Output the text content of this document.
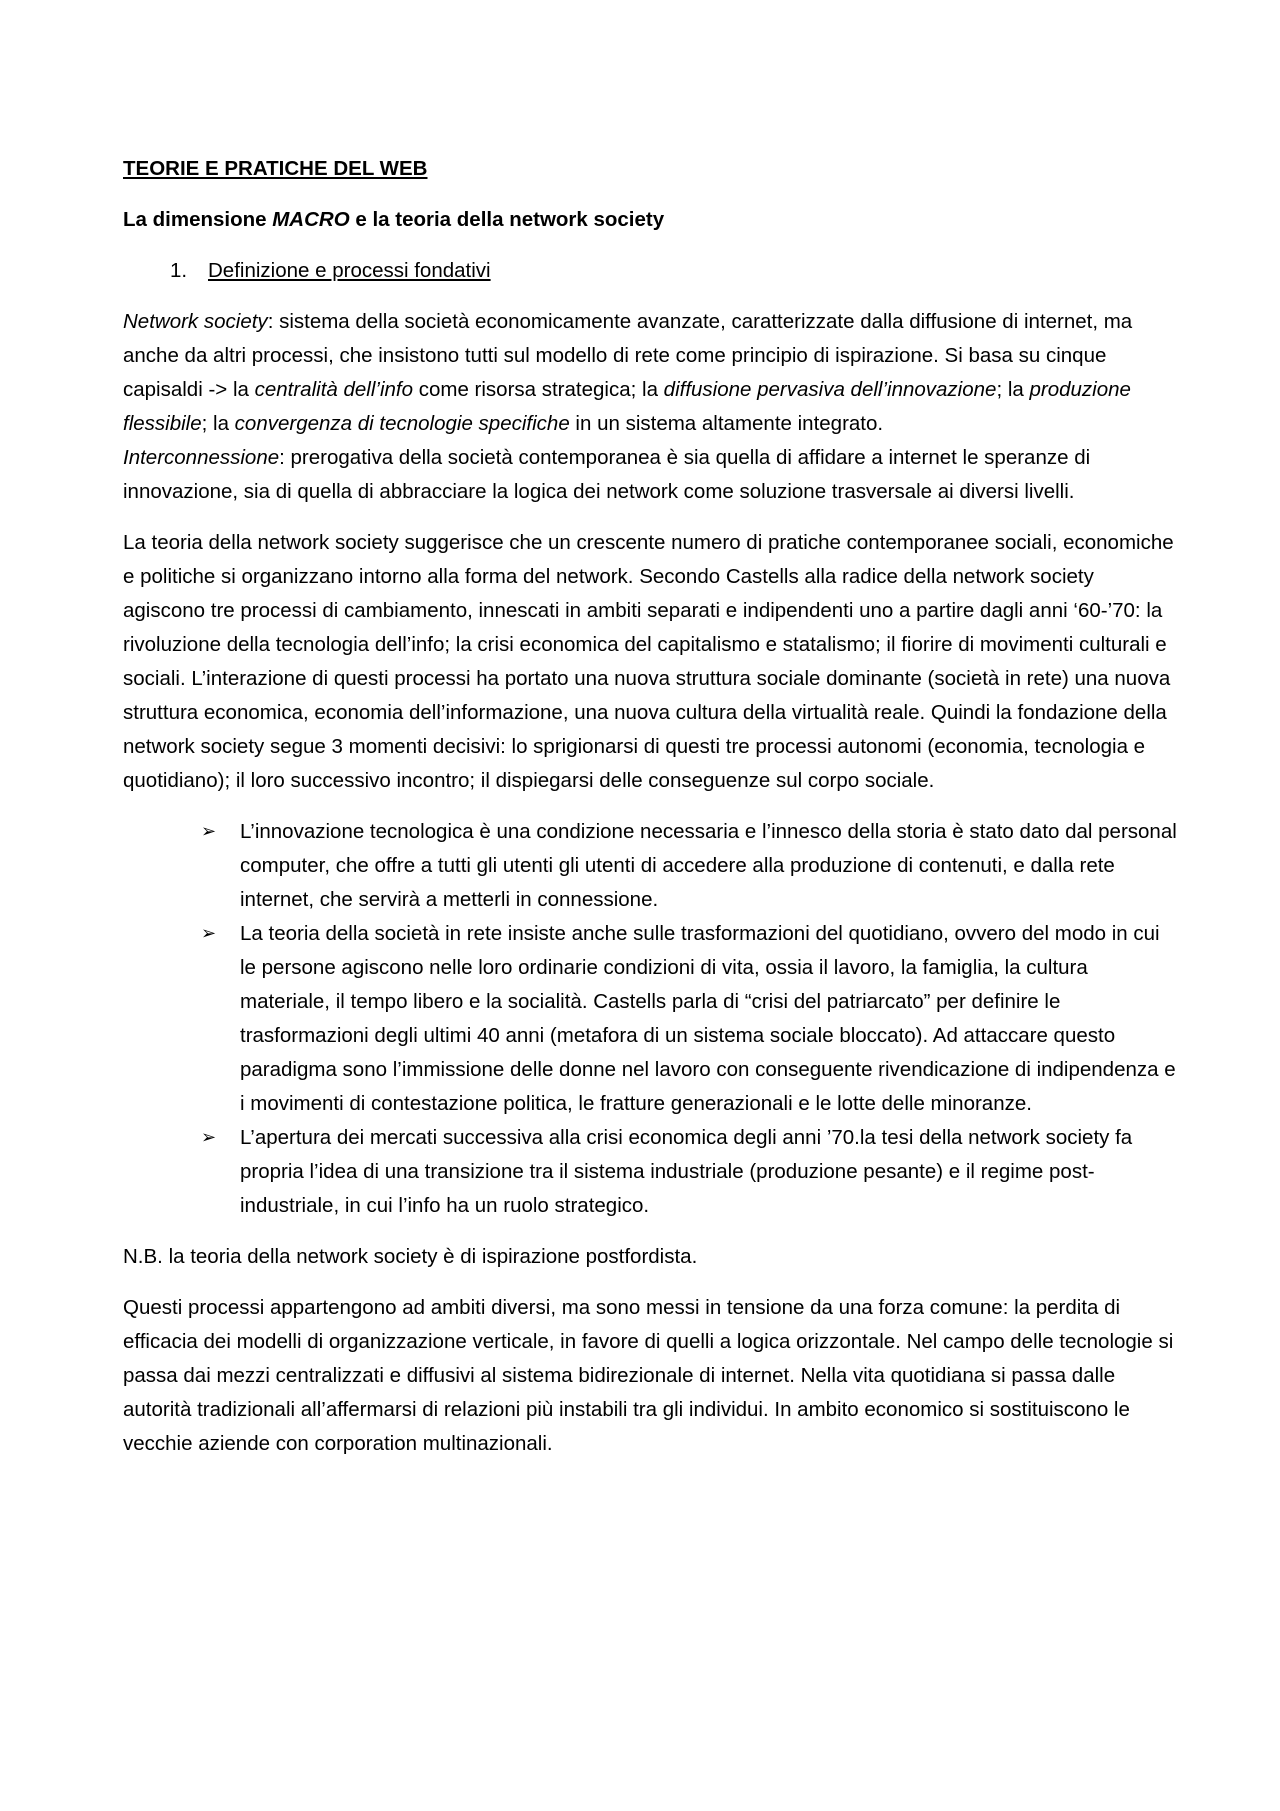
TEORIE E PRATICHE DEL WEB

La dimensione MACRO e la teoria della network society

1.	Definizione e processi fondativi

Network society: sistema della società economicamente avanzate, caratterizzate dalla diffusione di internet, ma anche da altri processi, che insistono tutti sul modello di rete come principio di ispirazione. Si basa su cinque capisaldi -> la centralità dell’info come risorsa strategica; la diffusione pervasiva dell’innovazione; la produzione flessibile; la convergenza di tecnologie specifiche in un sistema altamente integrato.

Interconnessione: prerogativa della società contemporanea è sia quella di affidare a internet le speranze di innovazione, sia di quella di abbracciare la logica dei network come soluzione trasversale ai diversi livelli.

La teoria della network society suggerisce che un crescente numero di pratiche contemporanee sociali, economiche e politiche si organizzano intorno alla forma del network. Secondo Castells alla radice della network society agiscono tre processi di cambiamento, innescati in ambiti separati e indipendenti uno a partire dagli anni ‘60-’70: la rivoluzione della tecnologia dell’info; la crisi economica del capitalismo e statalismo; il fiorire di movimenti culturali e sociali. L’interazione di questi processi ha portato una nuova struttura sociale dominante (società in rete) una nuova struttura economica, economia dell’informazione, una nuova cultura della virtualità reale. Quindi la fondazione della network society segue 3 momenti decisivi: lo sprigionarsi di questi tre processi autonomi (economia, tecnologia e quotidiano); il loro successivo incontro; il dispiegarsi delle conseguenze sul corpo sociale.

➢ L’innovazione tecnologica è una condizione necessaria e l’innesco della storia è stato dato dal personal computer, che offre a tutti gli utenti gli utenti di accedere alla produzione di contenuti, e dalla rete internet, che servirà a metterli in connessione.
➢ La teoria della società in rete insiste anche sulle trasformazioni del quotidiano, ovvero del modo in cui le persone agiscono nelle loro ordinarie condizioni di vita, ossia il lavoro, la famiglia, la cultura materiale, il tempo libero e la socialità. Castells parla di “crisi del patriarcato” per definire le trasformazioni degli ultimi 40 anni (metafora di un sistema sociale bloccato). Ad attaccare questo paradigma sono l’immissione delle donne nel lavoro con conseguente rivendicazione di indipendenza e i movimenti di contestazione politica, le fratture generazionali e le lotte delle minoranze.
➢ L’apertura dei mercati successiva alla crisi economica degli anni ’70.la tesi della network society fa propria l’idea di una transizione tra il sistema industriale (produzione pesante) e il regime post-industriale, in cui l’info ha un ruolo strategico.

N.B. la teoria della network society è di ispirazione postfordista.

Questi processi appartengono ad ambiti diversi, ma sono messi in tensione da una forza comune: la perdita di efficacia dei modelli di organizzazione verticale, in favore di quelli a logica orizzontale. Nel campo delle tecnologie si passa dai mezzi centralizzati e diffusivi al sistema bidirezionale di internet. Nella vita quotidiana si passa dalle autorità tradizionali all’affermarsi di relazioni più instabili tra gli individui. In ambito economico si sostituiscono le vecchie aziende con corporation multinazionali.
